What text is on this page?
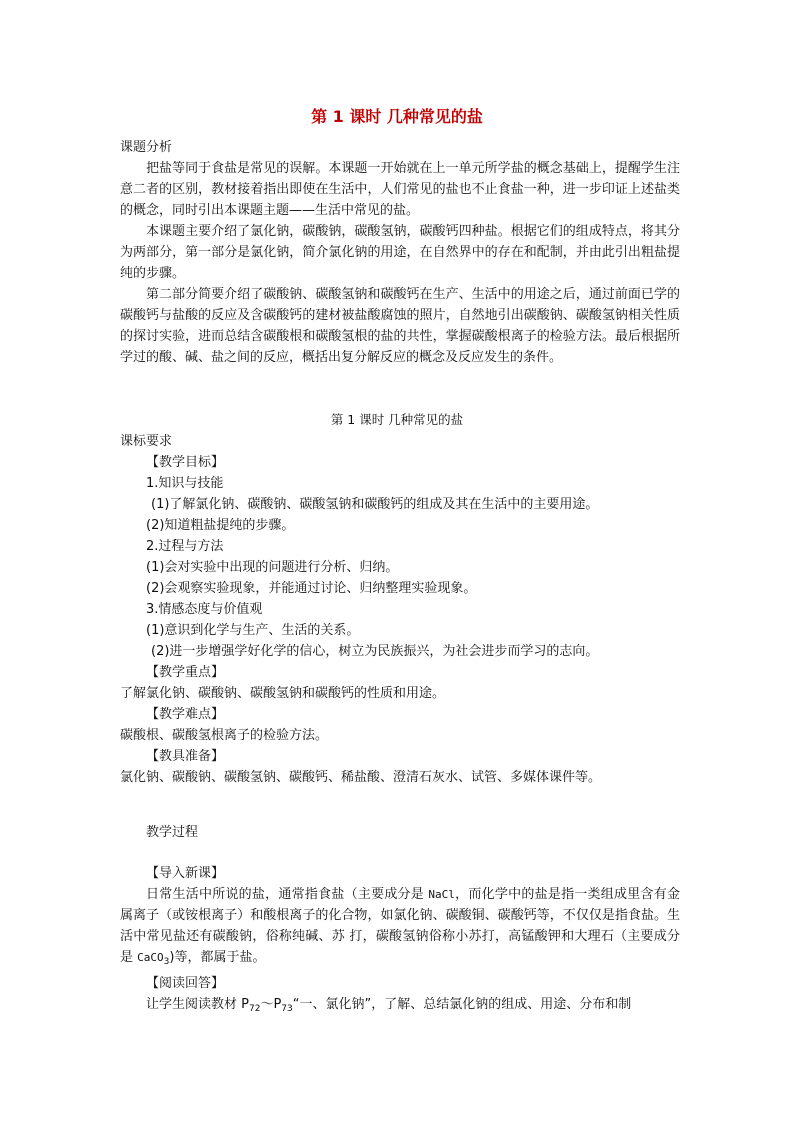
第 1 课时 几种常见的盐

课题分析

把盐等同于食盐是常见的误解。本课题一开始就在上一单元所学盐的概念基础上，提醒学生注意二者的区别，教材接着指出即使在生活中，人们常见的盐也不止食盐一种，进一步印证上述盐类的概念，同时引出本课题主题——生活中常见的盐。

本课题主要介绍了氯化钠，碳酸钠，碳酸氢钠，碳酸钙四种盐。根据它们的组成特点，将其分为两部分，第一部分是氯化钠，简介氯化钠的用途，在自然界中的存在和配制，并由此引出粗盐提纯的步骤。

第二部分简要介绍了碳酸钠、碳酸氢钠和碳酸钙在生产、生活中的用途之后，通过前面已学的碳酸钙与盐酸的反应及含碳酸钙的建材被盐酸腐蚀的照片，自然地引出碳酸钠、碳酸氢钠相关性质的探讨实验，进而总结含碳酸根和碳酸氢根的盐的共性，掌握碳酸根离子的检验方法。最后根据所学过的酸、碱、盐之间的反应，概括出复分解反应的概念及反应发生的条件。

第 1 课时 几种常见的盐

课标要求

【教学目标】

1.知识与技能

(1)了解氯化钠、碳酸钠、碳酸氢钠和碳酸钙的组成及其在生活中的主要用途。

(2)知道粗盐提纯的步骤。

2.过程与方法

(1)会对实验中出现的问题进行分析、归纳。

(2)会观察实验现象，并能通过讨论、归纳整理实验现象。

3.情感态度与价值观

(1)意识到化学与生产、生活的关系。

(2)进一步增强学好化学的信心，树立为民族振兴，为社会进步而学习的志向。

【教学重点】

了解氯化钠、碳酸钠、碳酸氢钠和碳酸钙的性质和用途。

【教学难点】

碳酸根、碳酸氢根离子的检验方法。

【教具准备】

氯化钠、碳酸钠、碳酸氢钠、碳酸钙、稀盐酸、澄清石灰水、试管、多媒体课件等。

教学过程

【导入新课】

日常生活中所说的盐，通常指食盐（主要成分是 NaCl，而化学中的盐是指一类组成里含有金属离子（或铵根离子）和酸根离子的化合物，如氯化钠、碳酸铜、碳酸钙等，不仅仅是指食盐。生活中常见盐还有碳酸钠，俗称纯碱、苏 打，碳酸氢钠俗称小苏打，高锰酸钾和大理石（主要成分是 CaCO$_3$)等，都属于盐。

【阅读回答】

让学生阅读教材 $P_{72}\sim P_{73}“$一、氯化钠”，了解、总结氯化钠的组成、用途、分布和制
